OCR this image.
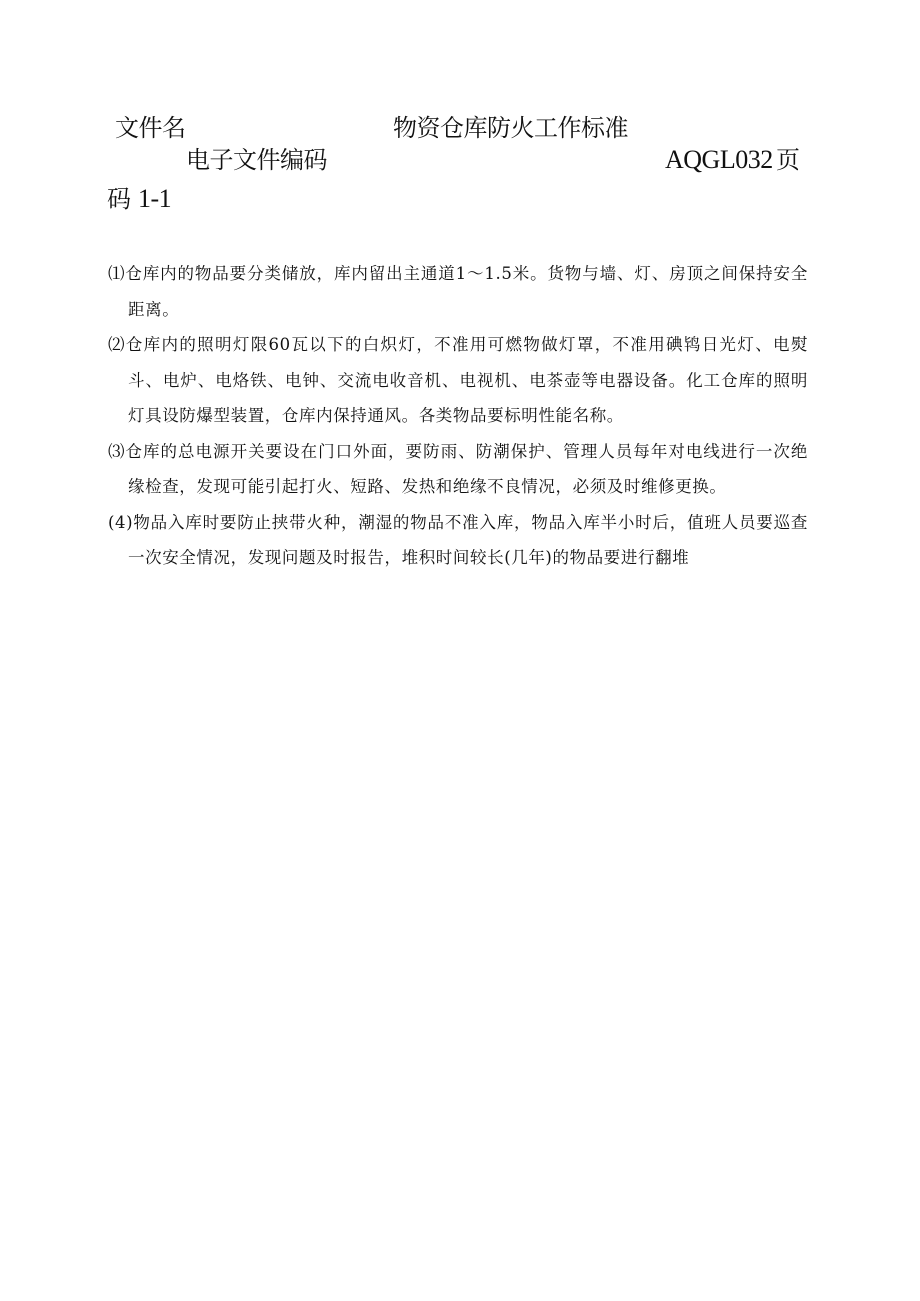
文件名	物资仓库防火工作标准
电子文件编码	AQGL032 页
码 1-1

⑴仓库内的物品要分类储放，库内留出主通道1〜1.5米。货物与墙、灯、房顶之间保持安全距离。

⑵仓库内的照明灯限60瓦以下的白炽灯，不准用可燃物做灯罩，不准用碘鸨日光灯、电熨斗、电炉、电烙铁、电钟、交流电收音机、电视机、电茶壶等电器设备。化工仓库的照明灯具设防爆型装置，仓库内保持通风。各类物品要标明性能名称。

⑶仓库的总电源开关要设在门口外面，要防雨、防潮保护、管理人员每年对电线进行一次绝缘检查，发现可能引起打火、短路、发热和绝缘不良情况，必须及时维修更换。

(4)物品入库时要防止挟带火种，潮湿的物品不准入库，物品入库半小时后，值班人员要巡查一次安全情况，发现问题及时报告，堆积时间较长(几年)的物品要进行翻堆
